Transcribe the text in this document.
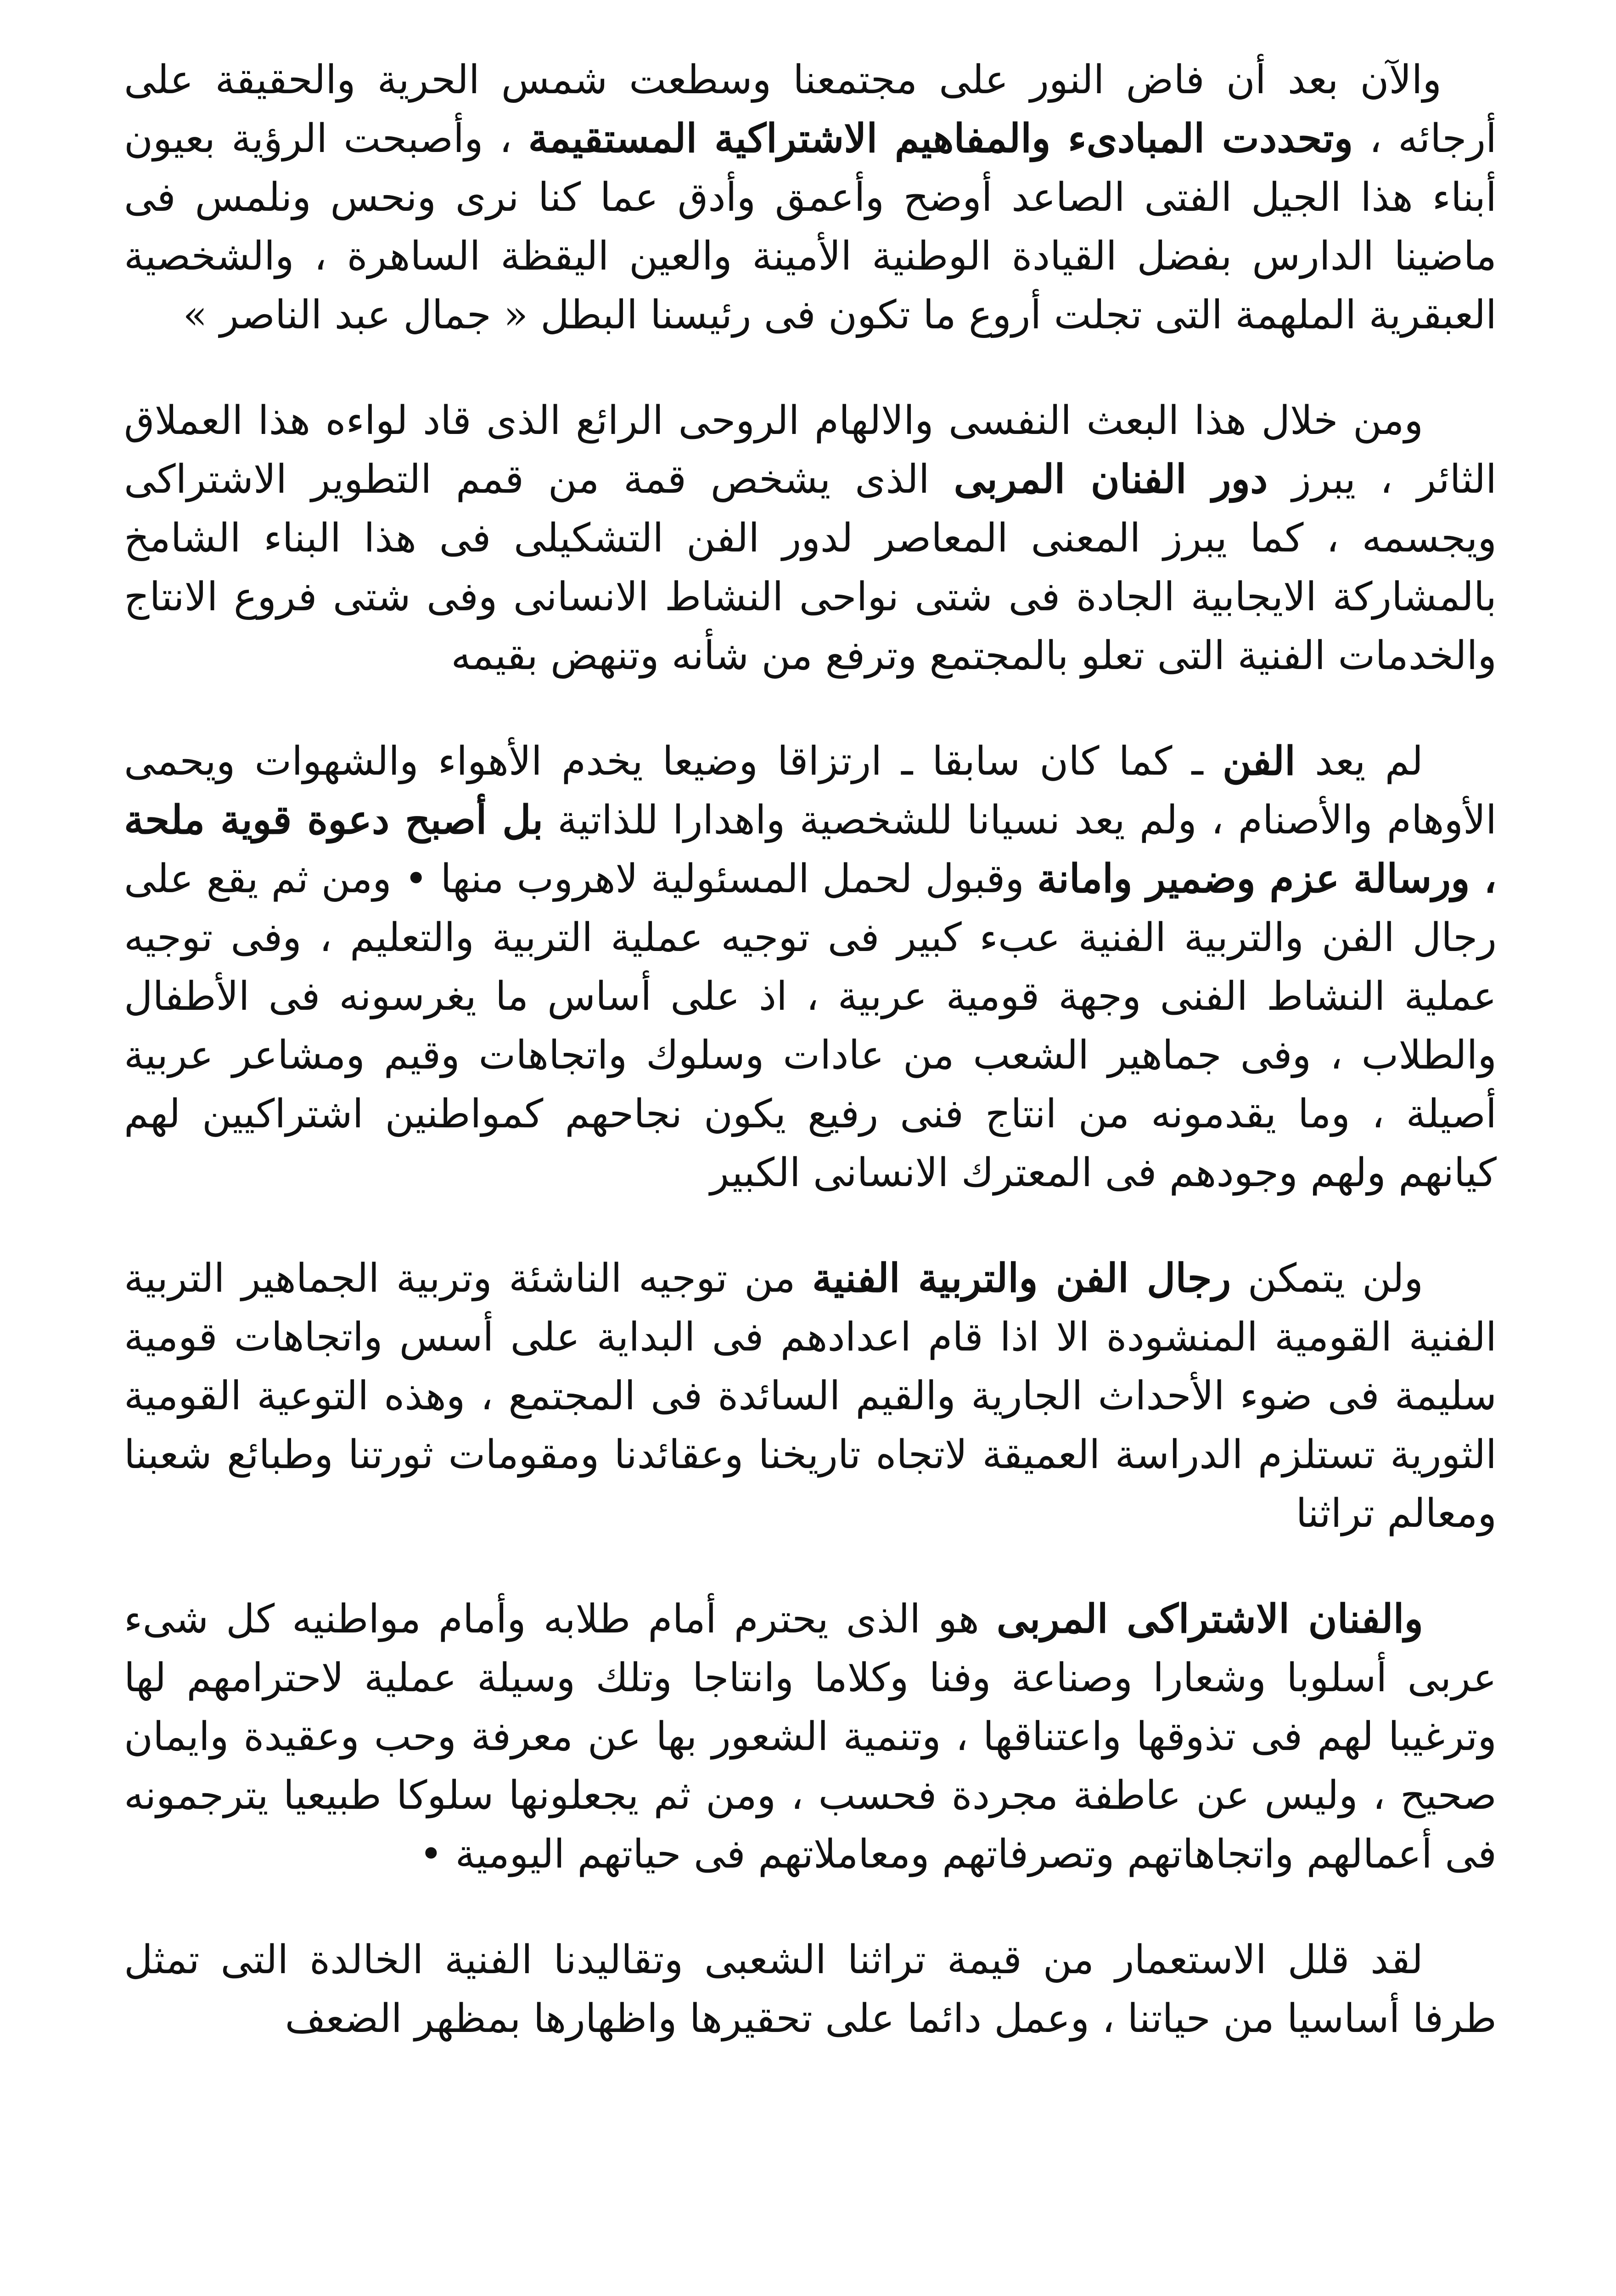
والآن بعد أن فاض النور على مجتمعنا وسطعت شمس الحرية والحقيقة على أرجائه ، وتحددت المبادىء والمفاهيم الاشتراكية المستقيمة ، وأصبحت الرؤية بعيون أبناء هذا الجيل الفتى الصاعد أوضح وأعمق وأدق عما كنا نرى ونحس ونلمس فى ماضينا الدارس بفضل القيادة الوطنية الأمينة والعين اليقظة الساهرة ، والشخصية العبقرية الملهمة التى تجلت أروع ما تكون فى رئيسنا البطل « جمال عبد الناصر »

ومن خلال هذا البعث النفسى والالهام الروحى الرائع الذى قاد لواءه هذا العملاق الثائر ، يبرز دور الفنان المربى الذى يشخص قمة من قمم التطوير الاشتراكى ويجسمه ، كما يبرز المعنى المعاصر لدور الفن التشكيلى فى هذا البناء الشامخ بالمشاركة الايجابية الجادة فى شتى نواحى النشاط الانسانى وفى شتى فروع الانتاج والخدمات الفنية التى تعلو بالمجتمع وترفع من شأنه وتنهض بقيمه

لم يعد الفن ـ كما كان سابقا ـ ارتزاقا وضيعا يخدم الأهواء والشهوات ويحمى الأوهام والأصنام ، ولم يعد نسيانا للشخصية واهدارا للذاتية بل أصبح دعوة قوية ملحة ، ورسالة عزم وضمير وامانة وقبول لحمل المسئولية لاهروب منها • ومن ثم يقع على رجال الفن والتربية الفنية عبء كبير فى توجيه عملية التربية والتعليم ، وفى توجيه عملية النشاط الفنى وجهة قومية عربية ، اذ على أساس ما يغرسونه فى الأطفال والطلاب ، وفى جماهير الشعب من عادات وسلوك واتجاهات وقيم ومشاعر عربية أصيلة ، وما يقدمونه من انتاج فنى رفيع يكون نجاحهم كمواطنين اشتراكيين لهم كيانهم ولهم وجودهم فى المعترك الانسانى الكبير

ولن يتمكن رجال الفن والتربية الفنية من توجيه الناشئة وتربية الجماهير التربية الفنية القومية المنشودة الا اذا قام اعدادهم فى البداية على أسس واتجاهات قومية سليمة فى ضوء الأحداث الجارية والقيم السائدة فى المجتمع ، وهذه التوعية القومية الثورية تستلزم الدراسة العميقة لاتجاه تاريخنا وعقائدنا ومقومات ثورتنا وطبائع شعبنا ومعالم تراثنا

والفنان الاشتراكى المربى هو الذى يحترم أمام طلابه وأمام مواطنيه كل شىء عربى أسلوبا وشعارا وصناعة وفنا وكلاما وانتاجا وتلك وسيلة عملية لاحترامهم لها وترغيبا لهم فى تذوقها واعتناقها ، وتنمية الشعور بها عن معرفة وحب وعقيدة وايمان صحيح ، وليس عن عاطفة مجردة فحسب ، ومن ثم يجعلونها سلوكا طبيعيا يترجمونه فى أعمالهم واتجاهاتهم وتصرفاتهم ومعاملاتهم فى حياتهم اليومية •

لقد قلل الاستعمار من قيمة تراثنا الشعبى وتقاليدنا الفنية الخالدة التى تمثل طرفا أساسيا من حياتنا ، وعمل دائما على تحقيرها واظهارها بمظهر الضعف
